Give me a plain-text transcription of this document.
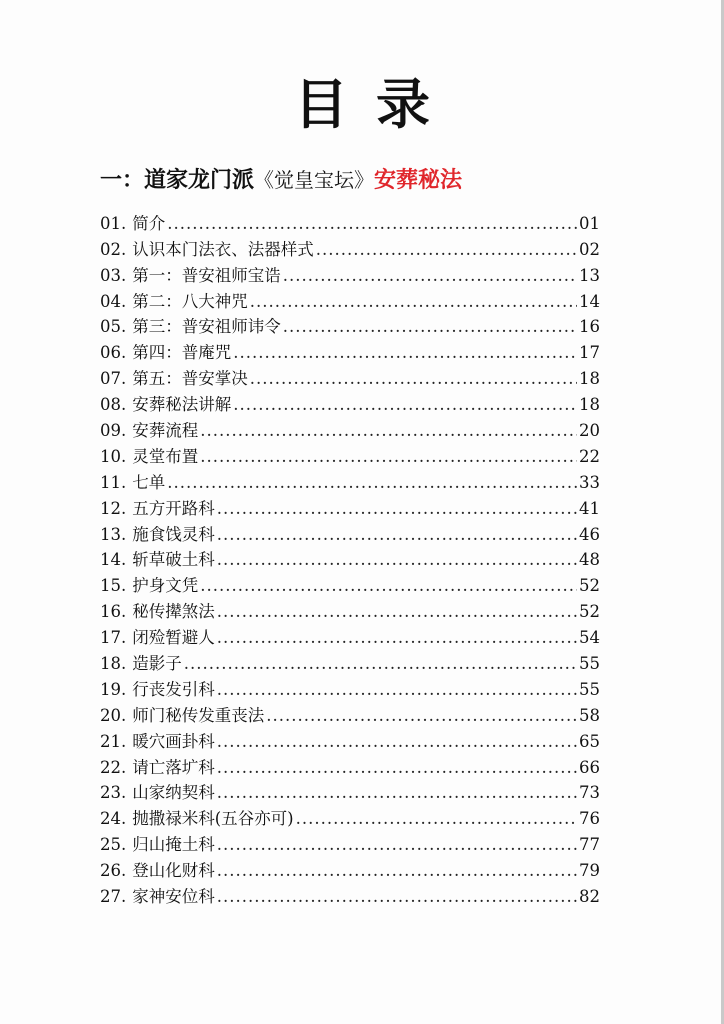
目录
一：道家龙门派《觉皇宝坛》安葬秘法
01. 简介 .....	01
02. 认识本门法衣、法器样式 .....	02
03. 第一：普安祖师宝诰 .....	13
04. 第二：八大神咒 .....	14
05. 第三：普安祖师讳令 .....	16
06. 第四：普庵咒 .....	17
07. 第五：普安掌决 .....	18
08. 安葬秘法讲解 .....	18
09. 安葬流程 .....	20
10. 灵堂布置 .....	22
11. 七单 .....	33
12. 五方开路科 .....	41
13. 施食饯灵科 .....	46
14. 斩草破土科 .....	48
15. 护身文凭 .....	52
16. 秘传撵煞法 .....	52
17. 闭殓暂避人 .....	54
18. 造影子 .....	55
19. 行丧发引科 .....	55
20. 师门秘传发重丧法 .....	58
21. 暖穴画卦科 .....	65
22. 请亡落圹科 .....	66
23. 山家纳契科 .....	73
24. 抛撒禄米科(五谷亦可) .....	76
25. 归山掩土科 .....	77
26. 登山化财科 .....	79
27. 家神安位科 .....	82
